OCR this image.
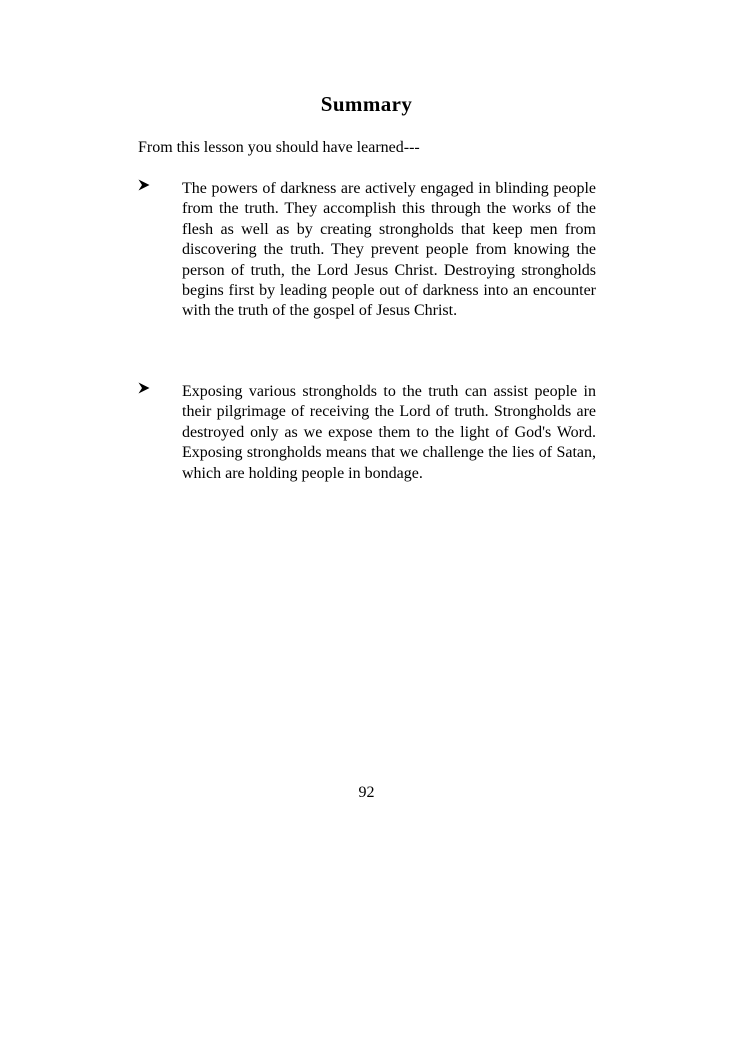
Summary

From this lesson you should have learned---

The powers of darkness are actively engaged in blinding people from the truth. They accomplish this through the works of the flesh as well as by creating strongholds that keep men from discovering the truth. They prevent people from knowing the person of truth, the Lord Jesus Christ. Destroying strongholds begins first by leading people out of darkness into an encounter with the truth of the gospel of Jesus Christ.

Exposing various strongholds to the truth can assist people in their pilgrimage of receiving the Lord of truth. Strongholds are destroyed only as we expose them to the light of God's Word. Exposing strongholds means that we challenge the lies of Satan, which are holding people in bondage.

92
